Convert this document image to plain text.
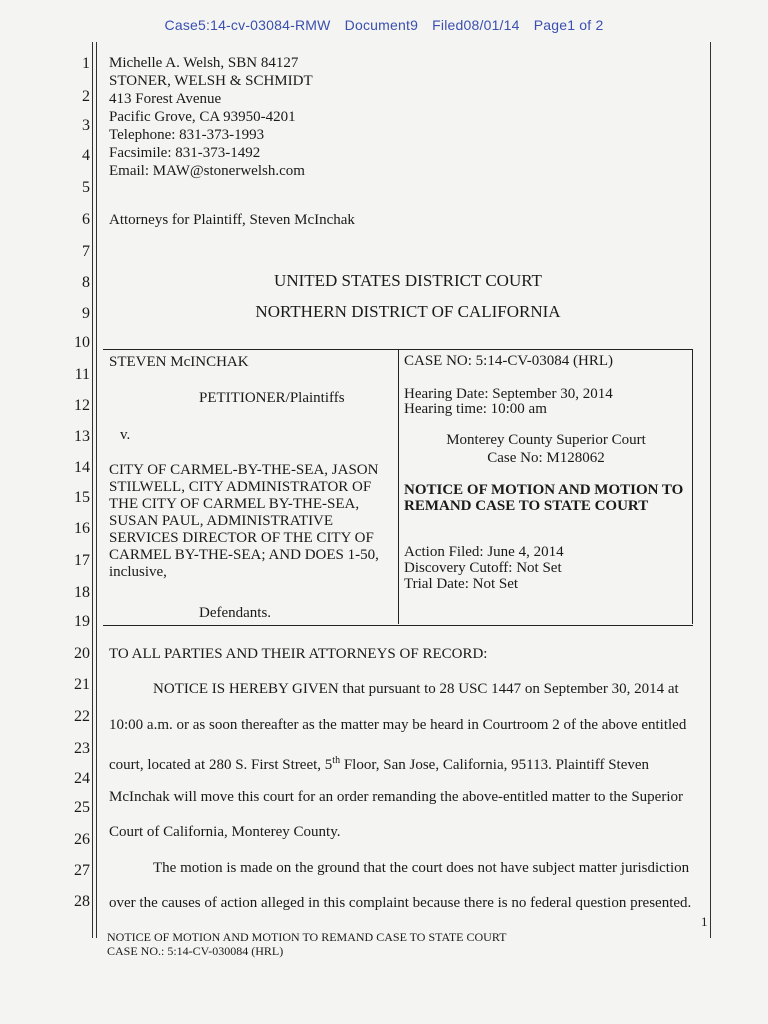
Case5:14-cv-03084-RMW Document9 Filed08/01/14 Page1 of 2
1
2
3
4
5
6
7
8
9
10
11
12
13
14
15
16
17
18
19
20
21
22
23
24
25
26
27
28
Michelle A. Welsh, SBN 84127
STONER, WELSH & SCHMIDT
413 Forest Avenue
Pacific Grove, CA 93950-4201
Telephone: 831-373-1993
Facsimile: 831-373-1492
Email: MAW@stonerwelsh.com
Attorneys for Plaintiff, Steven McInchak
UNITED STATES DISTRICT COURT
NORTHERN DISTRICT OF CALIFORNIA
STEVEN McINCHAK
PETITIONER/Plaintiffs
v.
CITY OF CARMEL-BY-THE-SEA, JASON
STILWELL, CITY ADMINISTRATOR OF
THE CITY OF CARMEL BY-THE-SEA,
SUSAN PAUL, ADMINISTRATIVE
SERVICES DIRECTOR OF THE CITY OF
CARMEL BY-THE-SEA; AND DOES 1-50,
inclusive,
Defendants.
CASE NO: 5:14-CV-03084 (HRL)
Hearing Date: September 30, 2014
Hearing time: 10:00 am
Monterey County Superior Court
Case No: M128062
NOTICE OF MOTION AND MOTION TO
REMAND CASE TO STATE COURT
Action Filed: June 4, 2014
Discovery Cutoff: Not Set
Trial Date: Not Set
TO ALL PARTIES AND THEIR ATTORNEYS OF RECORD:
NOTICE IS HEREBY GIVEN that pursuant to 28 USC 1447 on September 30, 2014 at
10:00 a.m. or as soon thereafter as the matter may be heard in Courtroom 2 of the above entitled
court, located at 280 S. First Street, 5th Floor, San Jose, California, 95113. Plaintiff Steven
McInchak will move this court for an order remanding the above-entitled matter to the Superior
Court of California, Monterey County.
The motion is made on the ground that the court does not have subject matter jurisdiction
over the causes of action alleged in this complaint because there is no federal question presented.
1
NOTICE OF MOTION AND MOTION TO REMAND CASE TO STATE COURT
CASE NO.: 5:14-CV-030084 (HRL)
